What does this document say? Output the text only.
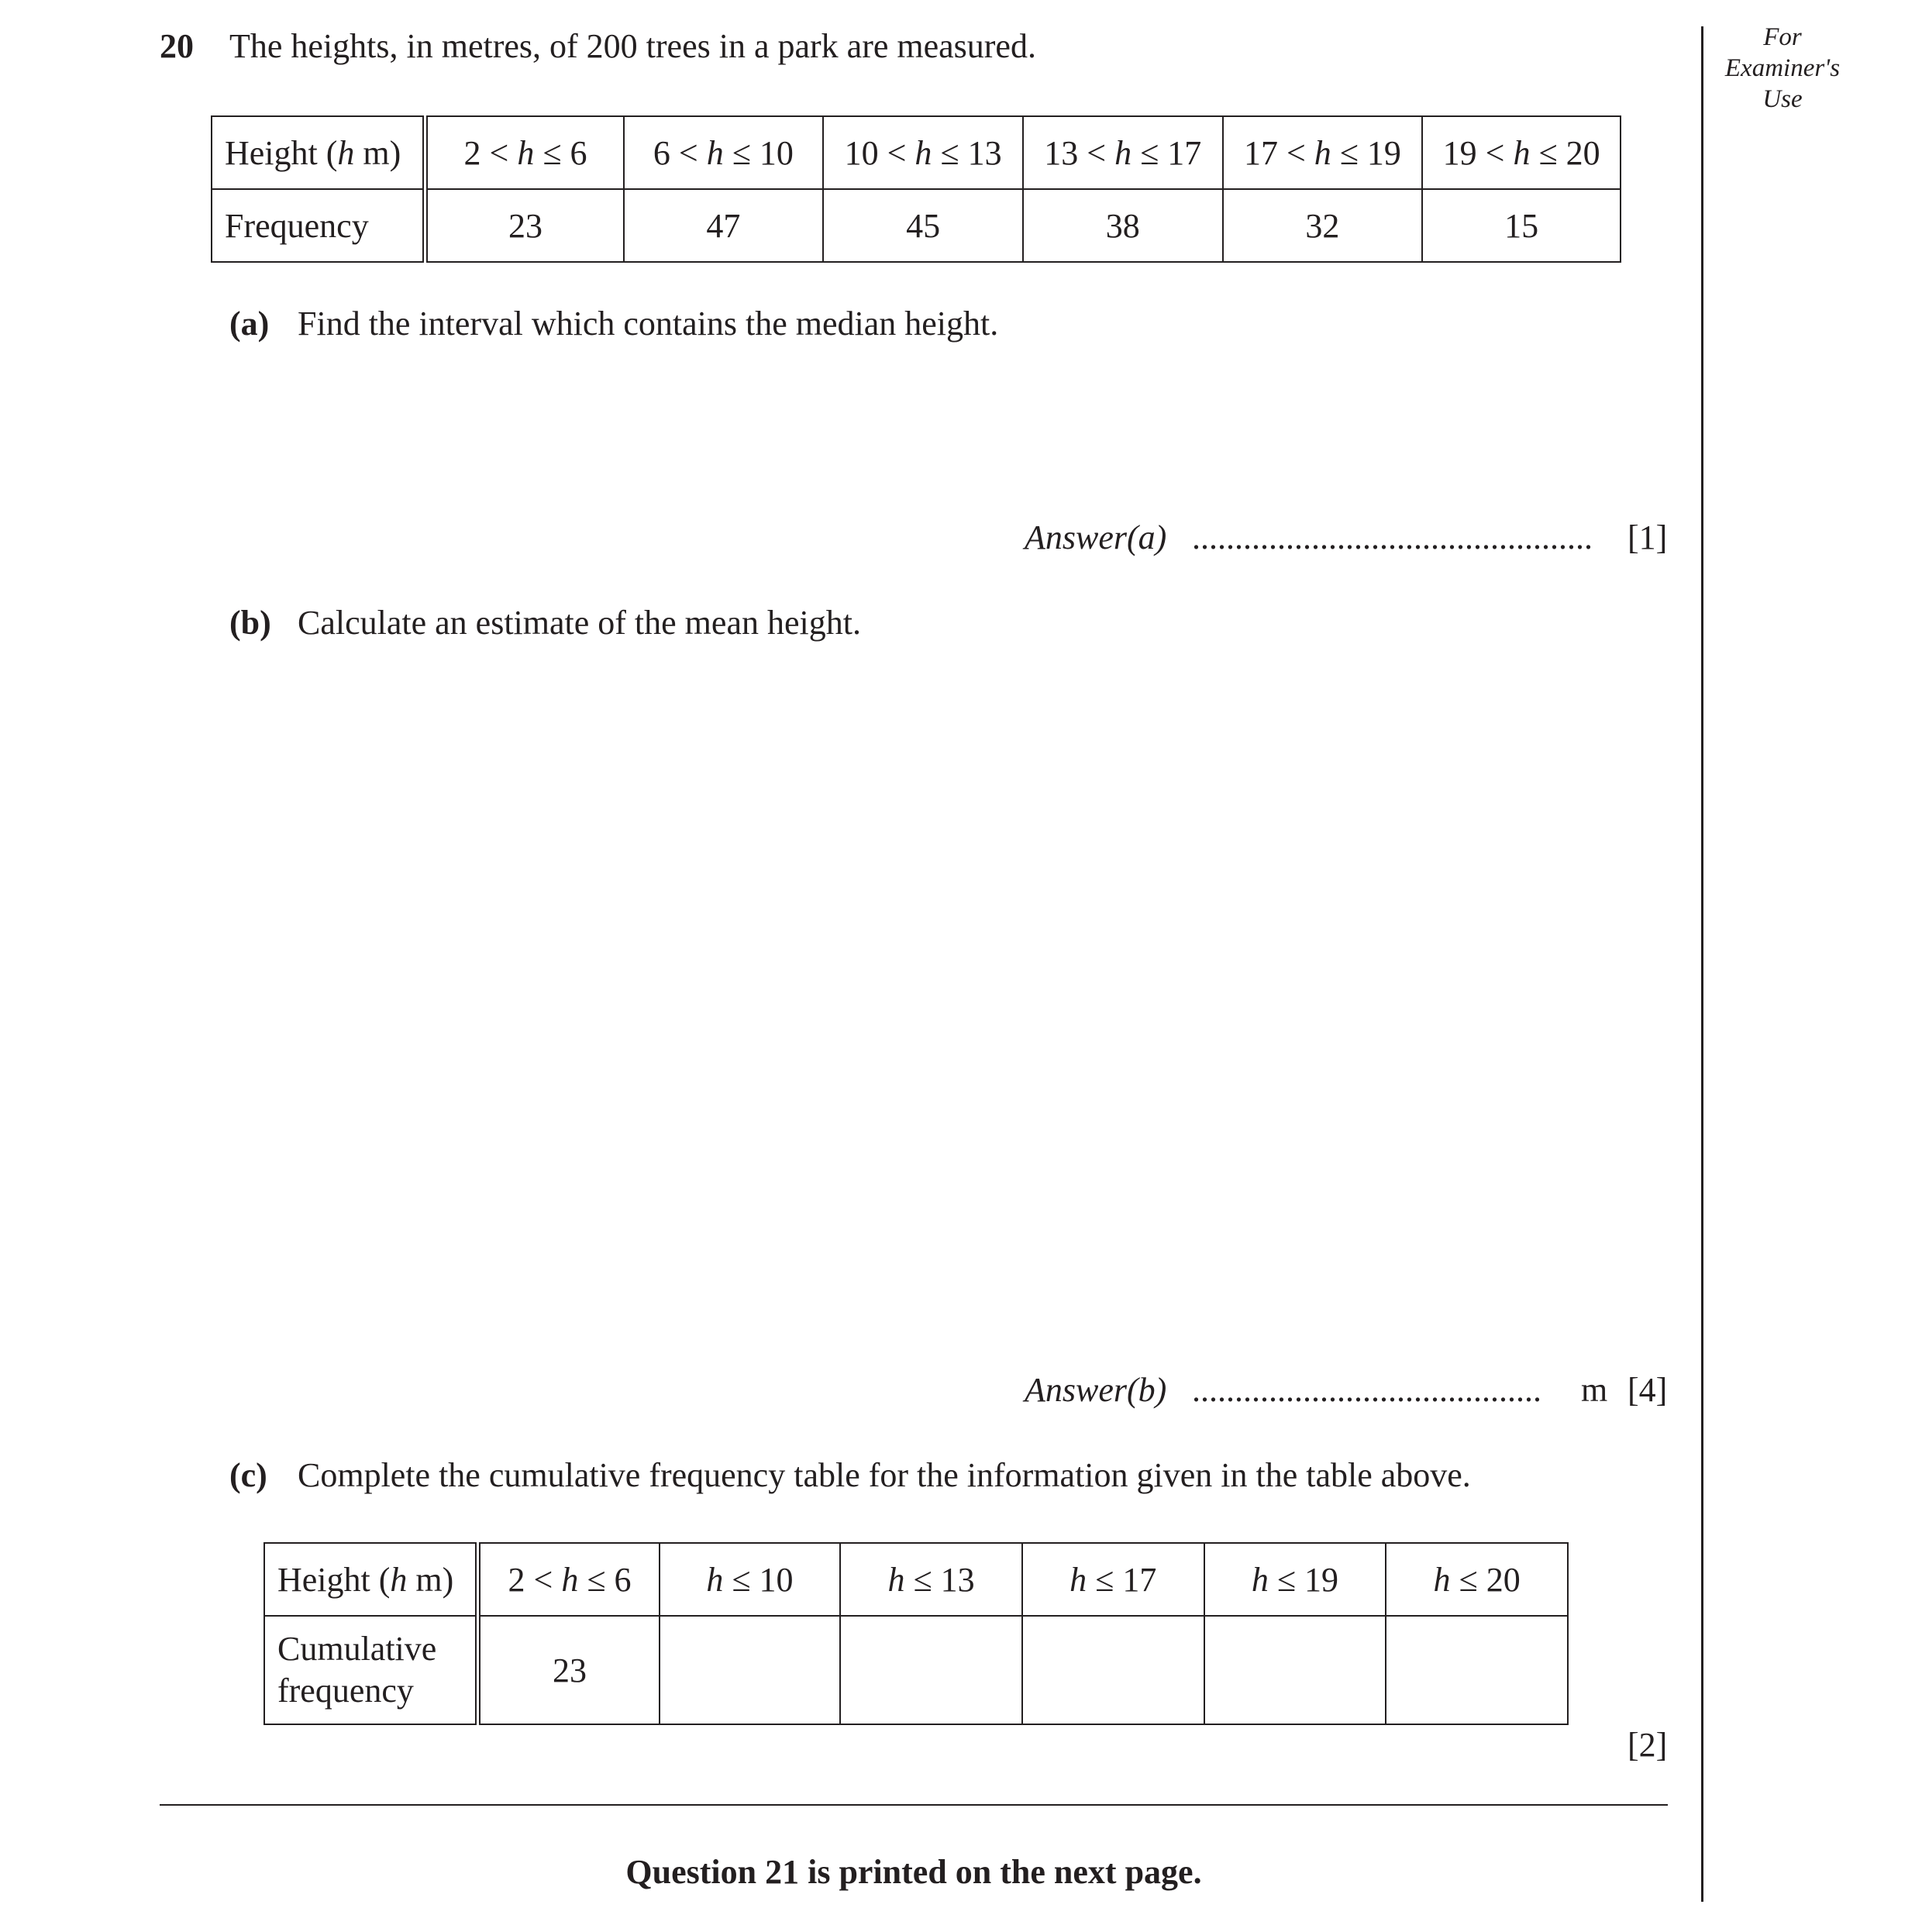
20 The heights, in metres, of 200 trees in a park are measured.	For
Examiner's
Use
Height (h m)	2 < h ≤ 6	6 < h ≤ 10	10 < h ≤ 13	13 < h ≤ 17	17 < h ≤ 19	19 < h ≤ 20
Frequency	23	47	45	38	32	15
(a) Find the interval which contains the median height.
Answer(a) ............................................... [1]
(b) Calculate an estimate of the mean height.
Answer(b) ......................................... m [4]
(c) Complete the cumulative frequency table for the information given in the table above.
Height (h m)	2 < h ≤ 6	h ≤ 10	h ≤ 13	h ≤ 17	h ≤ 19	h ≤ 20

Cumulative
frequency	23					
[2]
Question 21 is printed on the next page.
